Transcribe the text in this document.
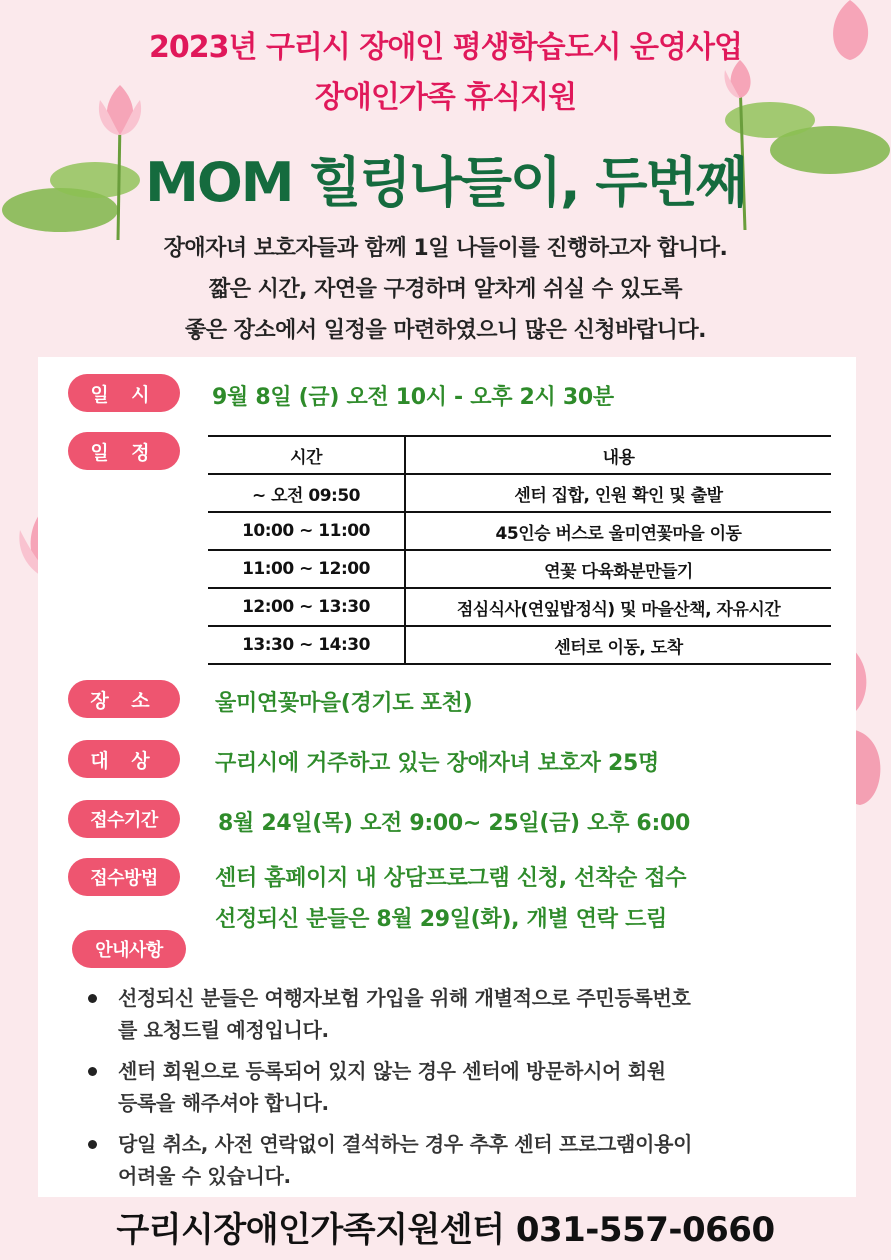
2023년 구리시 장애인 평생학습도시 운영사업
장애인가족 휴식지원
MOM 힐링나들이, 두번째
장애자녀 보호자들과 함께 1일 나들이를 진행하고자 합니다.
짧은 시간, 자연을 구경하며 알차게 쉬실 수 있도록
좋은 장소에서 일정을 마련하였으니 많은 신청바랍니다.
일 시	9월 8일 (금) 오전 10시 - 오후 2시 30분
일 정	시간	내용
~ 오전 09:50	센터 집합, 인원 확인 및 출발
10:00 ~ 11:00	45인승 버스로 울미연꽃마을 이동
11:00 ~ 12:00	연꽃 다육화분만들기
12:00 ~ 13:30	점심식사(연잎밥정식) 및 마을산책, 자유시간
13:30 ~ 14:30	센터로 이동, 도착
장 소	울미연꽃마을(경기도 포천)
대 상	구리시에 거주하고 있는 장애자녀 보호자 25명
접수기간	8월 24일(목) 오전 9:00~ 25일(금) 오후 6:00
접수방법	센터 홈페이지 내 상담프로그램 신청, 선착순 접수
선정되신 분들은 8월 29일(화), 개별 연락 드림
안내사항
선정되신 분들은 여행자보험 가입을 위해 개별적으로 주민등록번호
를 요청드릴 예정입니다.
센터 회원으로 등록되어 있지 않는 경우 센터에 방문하시어 회원
등록을 해주셔야 합니다.
당일 취소, 사전 연락없이 결석하는 경우 추후 센터 프로그램이용이
어려울 수 있습니다.
구리시장애인가족지원센터 031-557-0660
